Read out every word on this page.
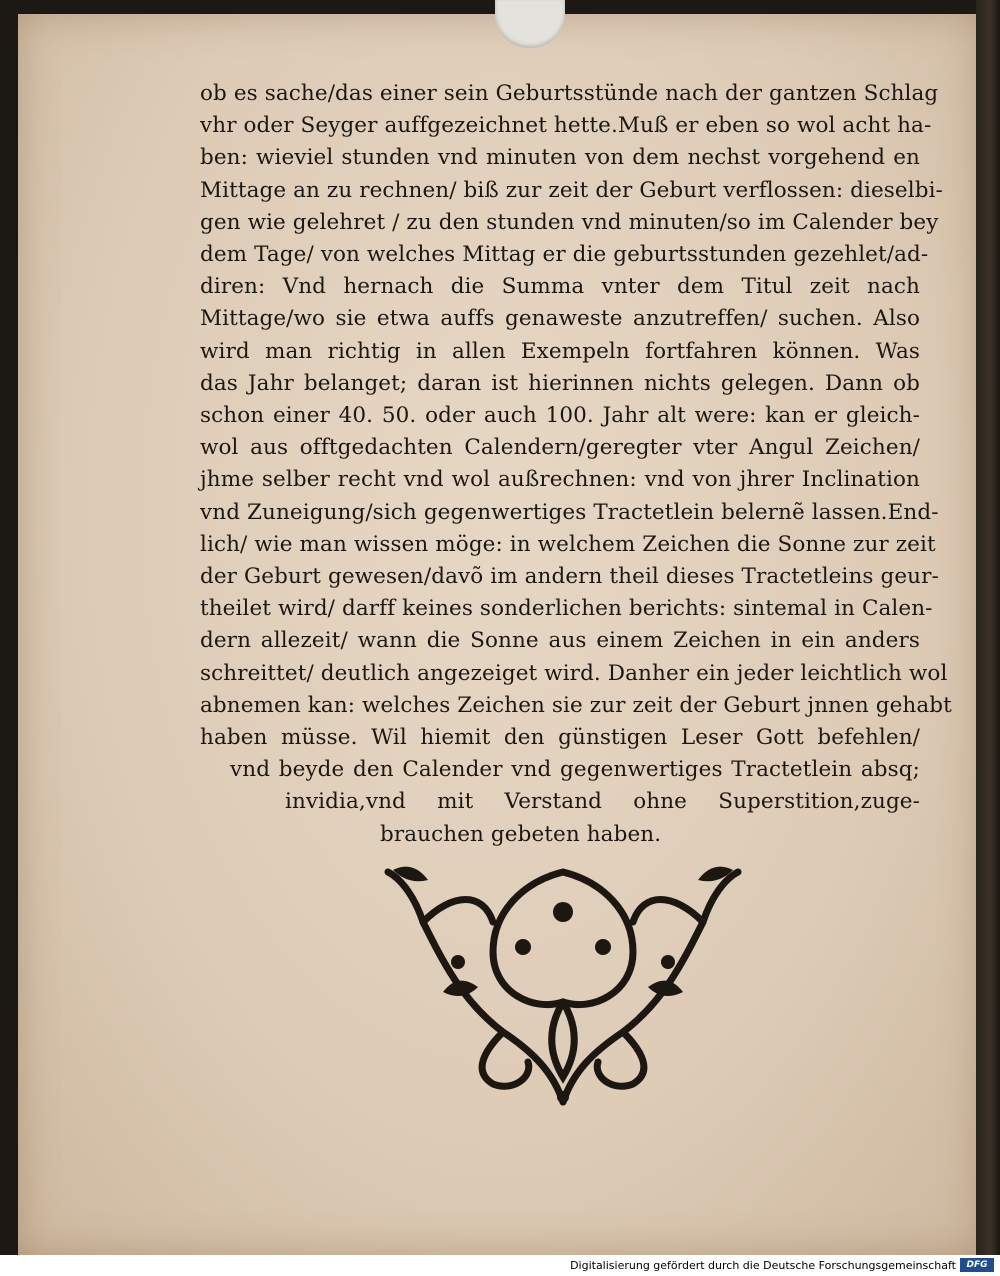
ob es sache/das einer sein Geburtsstünde nach der gantzen Schlag
vhr oder Seyger auffgezeichnet hette.Muß er eben so wol acht ha-
ben: wieviel stunden vnd minuten von dem nechst vorgehend en
Mittage an zu rechnen/ biß zur zeit der Geburt verflossen: dieselbi-
gen wie gelehret / zu den stunden vnd minuten/so im Calender bey
dem Tage/ von welches Mittag er die geburtsstunden gezehlet/ad-
diren: Vnd hernach die Summa vnter dem Titul zeit nach
Mittage/wo sie etwa auffs genaweste anzutreffen/ suchen. Also
wird man richtig in allen Exempeln fortfahren können. Was
das Jahr belanget; daran ist hierinnen nichts gelegen. Dann ob
schon einer 40. 50. oder auch 100. Jahr alt were: kan er gleich-
wol aus offtgedachten Calendern/geregter vter Angul Zeichen/
jhme selber recht vnd wol außrechnen: vnd von jhrer Inclination
vnd Zuneigung/sich gegenwertiges Tractetlein belernẽ lassen.End-
lich/ wie man wissen möge: in welchem Zeichen die Sonne zur zeit
der Geburt gewesen/davõ im andern theil dieses Tractetleins geur-
theilet wird/ darff keines sonderlichen berichts: sintemal in Calen-
dern allezeit/ wann die Sonne aus einem Zeichen in ein anders
schreittet/ deutlich angezeiget wird. Danher ein jeder leichtlich wol
abnemen kan: welches Zeichen sie zur zeit der Geburt jnnen gehabt
haben müsse. Wil hiemit den günstigen Leser Gott befehlen/
vnd beyde den Calender vnd gegenwertiges Tractetlein absq;
invidia,vnd mit Verstand ohne Superstition,zuge-
brauchen gebeten haben.
Digitalisierung gefördert durch die Deutsche Forschungsgemeinschaft	DFG
